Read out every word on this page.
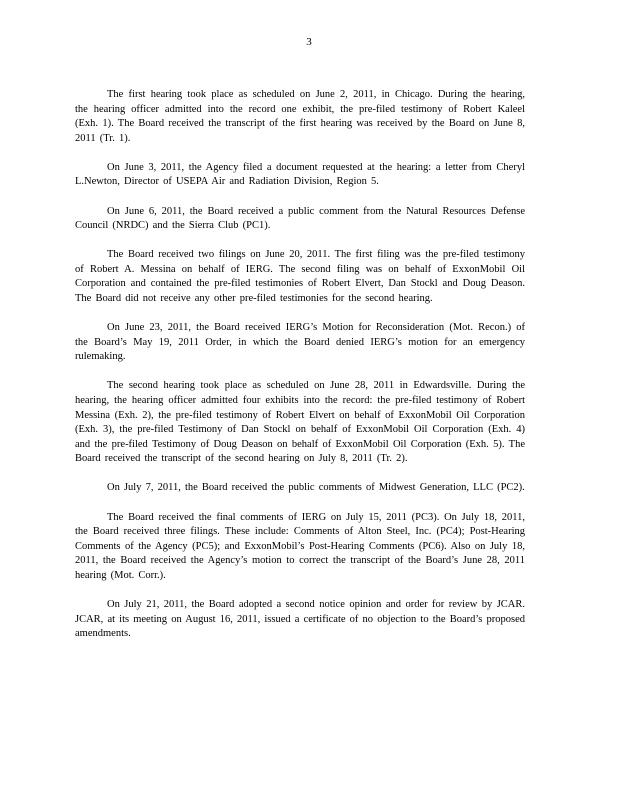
3

The first hearing took place as scheduled on June 2, 2011, in Chicago. During the hearing, the hearing officer admitted into the record one exhibit, the pre-filed testimony of Robert Kaleel (Exh. 1). The Board received the transcript of the first hearing was received by the Board on June 8, 2011 (Tr. 1).

On June 3, 2011, the Agency filed a document requested at the hearing: a letter from Cheryl L.Newton, Director of USEPA Air and Radiation Division, Region 5.

On June 6, 2011, the Board received a public comment from the Natural Resources Defense Council (NRDC) and the Sierra Club (PC1).

The Board received two filings on June 20, 2011. The first filing was the pre-filed testimony of Robert A. Messina on behalf of IERG. The second filing was on behalf of ExxonMobil Oil Corporation and contained the pre-filed testimonies of Robert Elvert, Dan Stockl and Doug Deason. The Board did not receive any other pre-filed testimonies for the second hearing.

On June 23, 2011, the Board received IERG’s Motion for Reconsideration (Mot. Recon.) of the Board’s May 19, 2011 Order, in which the Board denied IERG’s motion for an emergency rulemaking.

The second hearing took place as scheduled on June 28, 2011 in Edwardsville. During the hearing, the hearing officer admitted four exhibits into the record: the pre-filed testimony of Robert Messina (Exh. 2), the pre-filed testimony of Robert Elvert on behalf of ExxonMobil Oil Corporation (Exh. 3), the pre-filed Testimony of Dan Stockl on behalf of ExxonMobil Oil Corporation (Exh. 4) and the pre-filed Testimony of Doug Deason on behalf of ExxonMobil Oil Corporation (Exh. 5). The Board received the transcript of the second hearing on July 8, 2011 (Tr. 2).

On July 7, 2011, the Board received the public comments of Midwest Generation, LLC (PC2).

The Board received the final comments of IERG on July 15, 2011 (PC3). On July 18, 2011, the Board received three filings. These include: Comments of Alton Steel, Inc. (PC4); Post-Hearing Comments of the Agency (PC5); and ExxonMobil’s Post-Hearing Comments (PC6). Also on July 18, 2011, the Board received the Agency’s motion to correct the transcript of the Board’s June 28, 2011 hearing (Mot. Corr.).

On July 21, 2011, the Board adopted a second notice opinion and order for review by JCAR. JCAR, at its meeting on August 16, 2011, issued a certificate of no objection to the Board’s proposed amendments.
